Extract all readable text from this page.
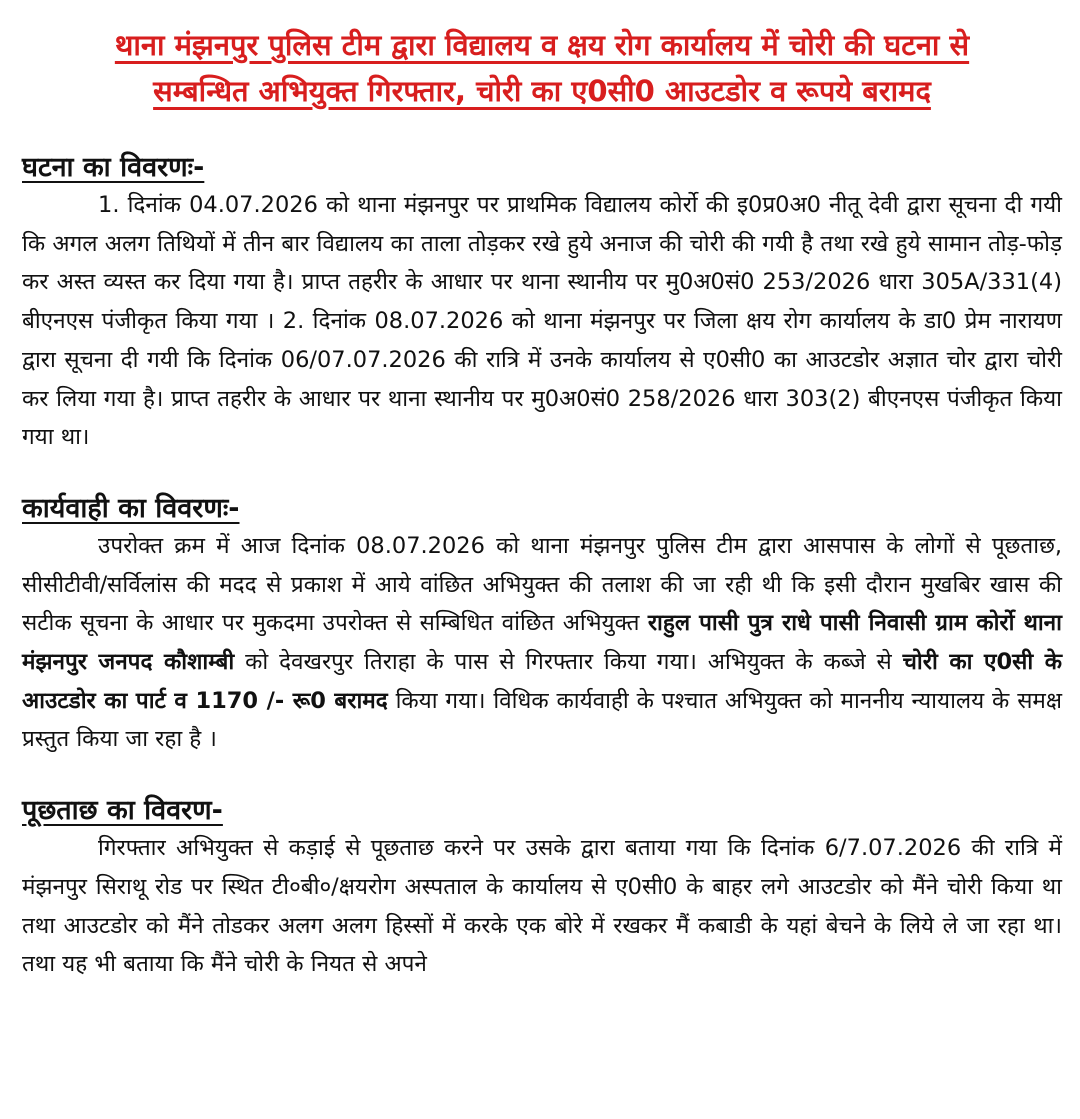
थाना मंझनपुर पुलिस टीम द्वारा विद्यालय व क्षय रोग कार्यालय में चोरी की घटना से
सम्बन्धित अभियुक्त गिरफ्तार, चोरी का ए0सी0 आउटडोर व रूपये बरामद
घटना का विवरणः-

1. दिनांक 04.07.2026 को थाना मंझनपुर पर प्राथमिक विद्यालय कोर्रो की इ0प्र0अ0 नीतू देवी द्वारा सूचना दी गयी कि अगल अलग तिथियों में तीन बार विद्यालय का ताला तोड़कर रखे हुये अनाज की चोरी की गयी है तथा रखे हुये सामान तोड़-फोड़ कर अस्त व्यस्त कर दिया गया है। प्राप्त तहरीर के आधार पर थाना स्थानीय पर मु0अ0सं0 253/2026 धारा 305A/331(4) बीएनएस पंजीकृत किया गया । 2. दिनांक 08.07.2026 को थाना मंझनपुर पर जिला क्षय रोग कार्यालय के डा0 प्रेम नारायण द्वारा सूचना दी गयी कि दिनांक 06/07.07.2026 की रात्रि में उनके कार्यालय से ए0सी0 का आउटडोर अज्ञात चोर द्वारा चोरी कर लिया गया है। प्राप्त तहरीर के आधार पर थाना स्थानीय पर मु0अ0सं0 258/2026 धारा 303(2) बीएनएस पंजीकृत किया गया था।

कार्यवाही का विवरणः-

उपरोक्त क्रम में आज दिनांक 08.07.2026 को थाना मंझनपुर पुलिस टीम द्वारा आसपास के लोगों से पूछताछ, सीसीटीवी/सर्विलांस की मदद से प्रकाश में आये वांछित अभियुक्त की तलाश की जा रही थी कि इसी दौरान मुखबिर खास की सटीक सूचना के आधार पर मुकदमा उपरोक्त से सम्बिधित वांछित अभियुक्त राहुल पासी पुत्र राधे पासी निवासी ग्राम कोर्रो थाना मंझनपुर जनपद कौशाम्बी को देवखरपुर तिराहा के पास से गिरफ्तार किया गया। अभियुक्त के कब्जे से चोरी का ए0सी के आउटडोर का पार्ट व 1170 /- रू0 बरामद किया गया। विधिक कार्यवाही के पश्चात अभियुक्त को माननीय न्यायालय के समक्ष प्रस्तुत किया जा रहा है ।

पूछताछ का विवरण-

गिरफ्तार अभियुक्त से कड़ाई से पूछताछ करने पर उसके द्वारा बताया गया कि दिनांक 6/7.07.2026 की रात्रि में मंझनपुर सिराथू रोड पर स्थित टी०बी०/क्षयरोग अस्पताल के कार्यालय से ए0सी0 के बाहर लगे आउटडोर को मैंने चोरी किया था तथा आउटडोर को मैंने तोडकर अलग अलग हिस्सों में करके एक बोरे में रखकर मैं कबाडी के यहां बेचने के लिये ले जा रहा था। तथा यह भी बताया कि मैंने चोरी के नियत से अपने
